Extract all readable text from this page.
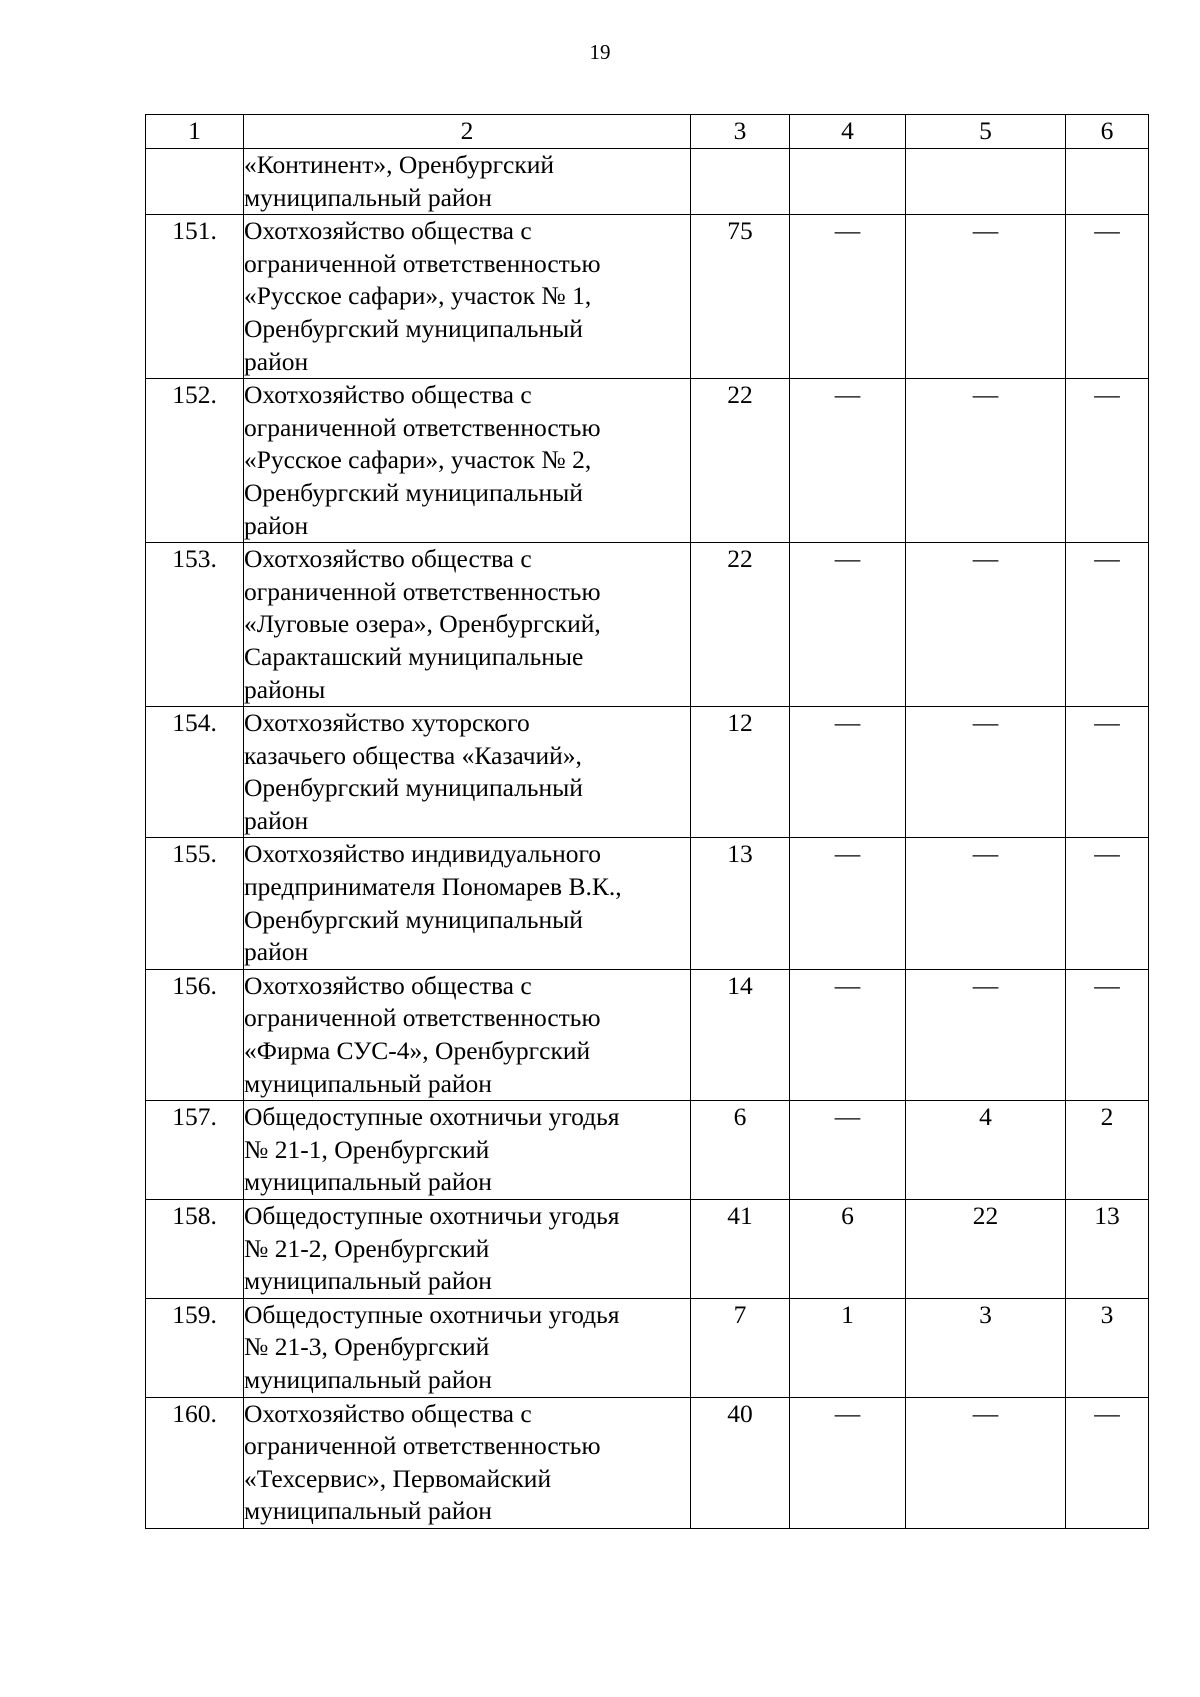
19
1	2	3	4	5	6

	«Континент», Оренбургский
муниципальный район				

151.	Охотхозяйство общества с
ограниченной ответственностью
«Русское сафари», участок № 1,
Оренбургский муниципальный
район	75	—	—	—
152.	Охотхозяйство общества с
ограниченной ответственностью
«Русское сафари», участок № 2,
Оренбургский муниципальный
район	22	—	—	—
153.	Охотхозяйство общества с
ограниченной ответственностью
«Луговые озера», Оренбургский,
Саракташский муниципальные
районы	22	—	—	—
154.	Охотхозяйство хуторского
казачьего общества «Казачий»,
Оренбургский муниципальный
район	12	—	—	—
155.	Охотхозяйство индивидуального
предпринимателя Пономарев В.К.,
Оренбургский муниципальный
район	13	—	—	—
156.	Охотхозяйство общества с
ограниченной ответственностью
«Фирма СУС-4», Оренбургский
муниципальный район	14	—	—	—
157.	Общедоступные охотничьи угодья
№ 21-1, Оренбургский
муниципальный район	6	—	4	2
158.	Общедоступные охотничьи угодья
№ 21-2, Оренбургский
муниципальный район	41	6	22	13
159.	Общедоступные охотничьи угодья
№ 21-3, Оренбургский
муниципальный район	7	1	3	3
160.	Охотхозяйство общества с
ограниченной ответственностью
«Техсервис», Первомайский
муниципальный район	40	—	—	—
